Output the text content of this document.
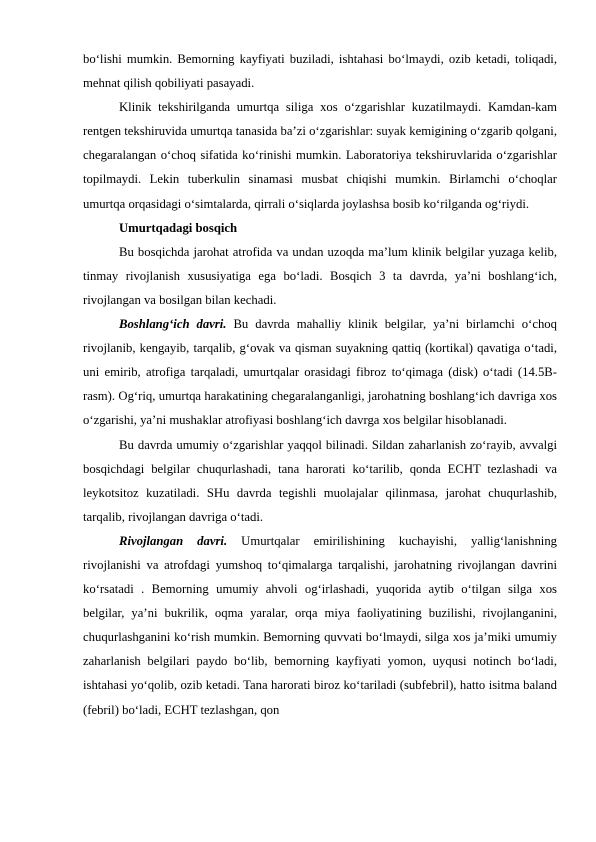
bo‘lishi mumkin. Bemorning kayfiyati buziladi, ishtahasi bo‘lmaydi, ozib ketadi, toliqadi, mehnat qilish qobiliyati pasayadi.

Klinik tekshirilganda umurtqa siliga xos o‘zgarishlar kuzatilmaydi. Kamdan-kam rentgen tekshiruvida umurtqa tanasida ba’zi o‘zgarishlar: suyak kemigining o‘zgarib qolgani, chegaralangan o‘choq sifatida ko‘rinishi mumkin. Laboratoriya tekshiruvlarida o‘zgarishlar topilmaydi. Lekin tuberkulin sinamasi musbat chiqishi mumkin. Birlamchi o‘choqlar umurtqa orqasidagi o‘simtalarda, qirrali o‘siqlarda joylashsa bosib ko‘rilganda og‘riydi.

Umurtqadagi bosqich

Bu bosqichda jarohat atrofida va undan uzoqda ma’lum klinik belgilar yuzaga kelib, tinmay rivojlanish xususiyatiga ega bo‘ladi. Bosqich 3 ta davrda, ya’ni boshlang‘ich, rivojlangan va bosilgan bilan kechadi.

Boshlang‘ich davri. Bu davrda mahalliy klinik belgilar, ya’ni birlamchi o‘choq rivojlanib, kengayib, tarqalib, g‘ovak va qisman suyakning qattiq (kortikal) qavatiga o‘tadi, uni emirib, atrofiga tarqaladi, umurtqalar orasidagi fibroz to‘qimaga (disk) o‘tadi (14.5B-rasm). Og‘riq, umurtqa harakatining chegaralanganligi, jarohatning boshlang‘ich davriga xos o‘zgarishi, ya’ni mushaklar atrofiyasi boshlang‘ich davrga xos belgilar hisoblanadi.

Bu davrda umumiy o‘zgarishlar yaqqol bilinadi. Sildan zaharlanish zo‘rayib, avvalgi bosqichdagi belgilar chuqurlashadi, tana harorati ko‘tarilib, qonda ECHT tezlashadi va leykotsitoz kuzatiladi. SHu davrda tegishli muolajalar qilinmasa, jarohat chuqurlashib, tarqalib, rivojlangan davriga o‘tadi.

Rivojlangan davri. Umurtqalar emirilishining kuchayishi, yallig‘lanishning rivojlanishi va atrofdagi yumshoq to‘qimalarga tarqalishi, jarohatning rivojlangan davrini ko‘rsatadi . Bemorning umumiy ahvoli og‘irlashadi, yuqorida aytib o‘tilgan silga xos belgilar, ya’ni bukrilik, oqma yaralar, orqa miya faoliyatining buzilishi, rivojlanganini, chuqurlashganini ko‘rish mumkin. Bemorning quvvati bo‘lmaydi, silga xos ja’miki umumiy zaharlanish belgilari paydo bo‘lib, bemorning kayfiyati yomon, uyqusi notinch bo‘ladi, ishtahasi yo‘qolib, ozib ketadi. Tana harorati biroz ko‘tariladi (subfebril), hatto isitma baland (febril) bo‘ladi, ECHT tezlashgan, qon
